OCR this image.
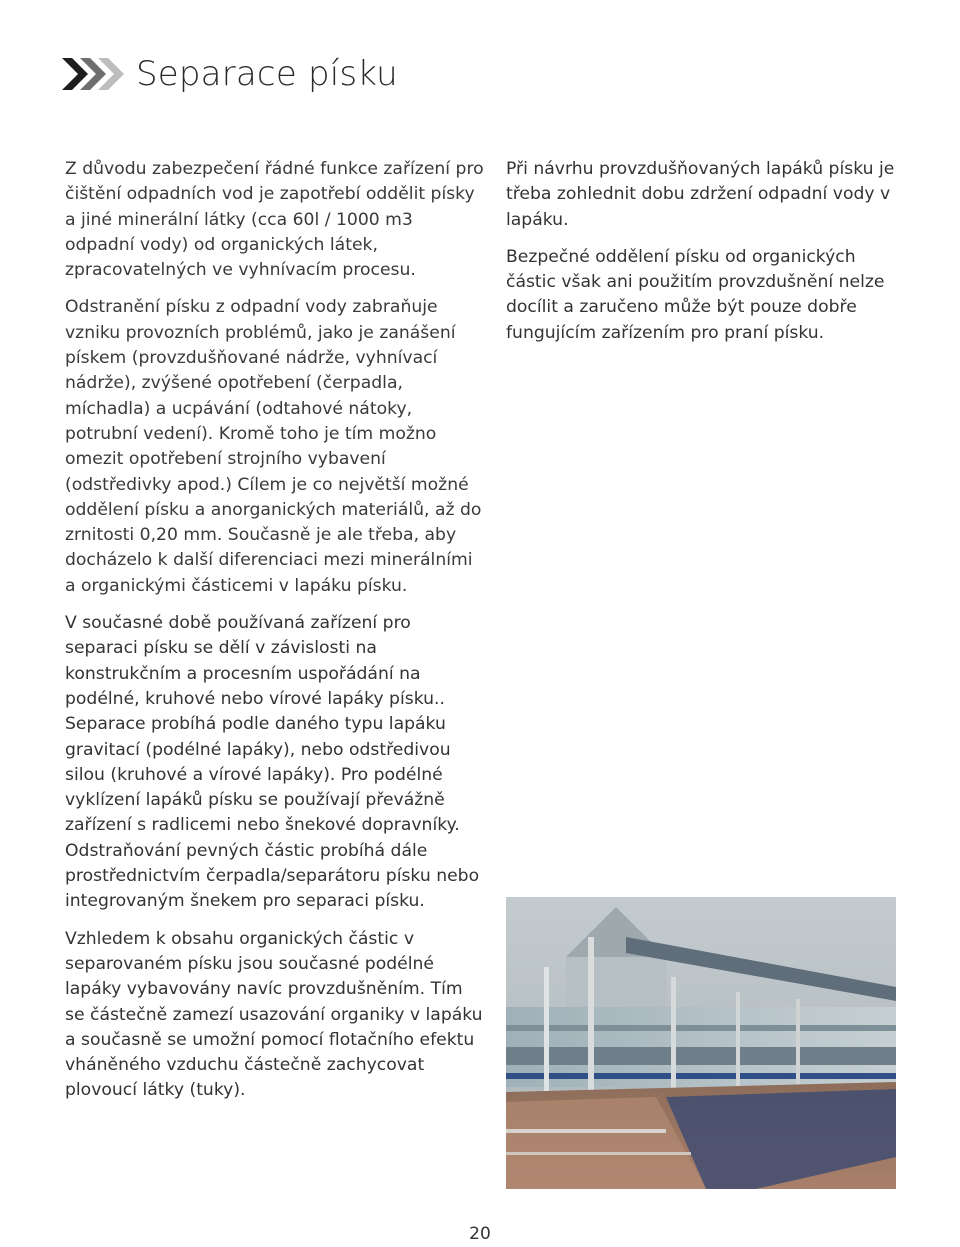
Separace písku

Z důvodu zabezpečení řádné funkce zařízení pro čištění odpadních vod je zapotřebí oddělit písky a jiné minerální látky (cca 60l / 1000 m3 odpadní vody) od organických látek, zpracovatelných ve vyhnívacím procesu.

Odstranění písku z odpadní vody zabraňuje vzniku provozních problémů, jako je zanášení pískem (provzdušňované nádrže, vyhnívací nádrže), zvýšené opotřebení (čerpadla, míchadla) a ucpávání (odtahové nátoky, potrubní vedení). Kromě toho je tím možno omezit opotřebení strojního vybavení (odstředivky apod.) Cílem je co největší možné oddělení písku a anorganických materiálů, až do zrnitosti 0,20 mm. Současně je ale třeba, aby docházelo k další diferenciaci mezi minerálními a organickými částicemi v lapáku písku.

V současné době používaná zařízení pro separaci písku se dělí v závislosti na konstrukčním a procesním uspořádání na podélné, kruhové nebo vírové lapáky písku.. Separace probíhá podle daného typu lapáku gravitací (podélné lapáky), nebo odstředivou silou (kruhové a vírové lapáky). Pro podélné vyklízení lapáků písku se používají převážně zařízení s radlicemi nebo šnekové dopravníky. Odstraňování pevných částic probíhá dále prostřednictvím čerpadla/separátoru písku nebo integrovaným šnekem pro separaci písku.

Vzhledem k obsahu organických částic v separovaném písku jsou současné podélné lapáky vybavovány navíc provzdušněním. Tím se částečně zamezí usazování organiky v lapáku a současně se umožní pomocí flotačního efektu vháněného vzduchu částečně zachycovat plovoucí látky (tuky).

Při návrhu provzdušňovaných lapáků písku je třeba zohlednit dobu zdržení odpadní vody v lapáku.

Bezpečné oddělení písku od organických částic však ani použitím provzdušnění nelze docílit a zaručeno může být pouze dobře fungujícím zařízením pro praní písku.

20
